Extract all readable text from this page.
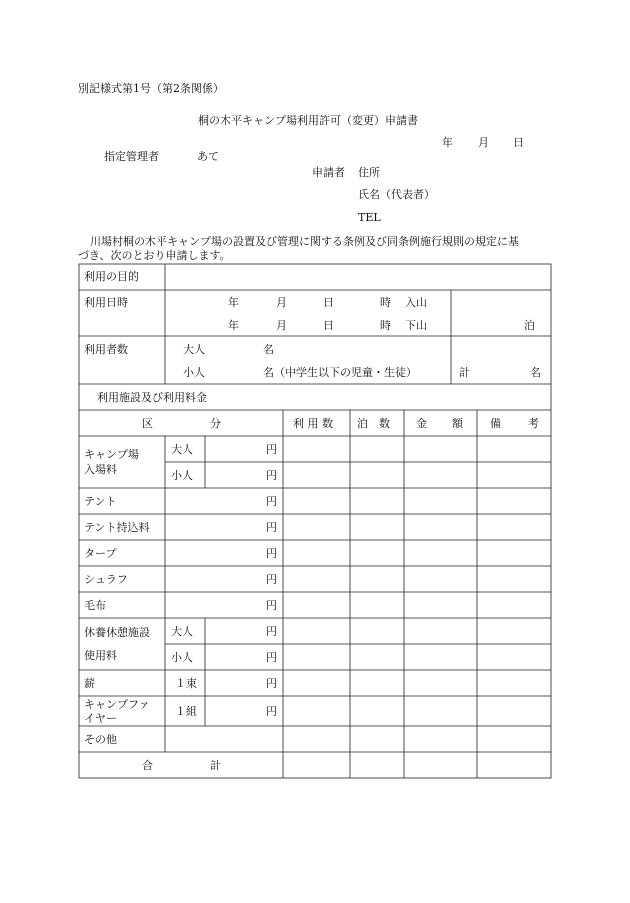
別記様式第1号（第2条関係）
桐の木平キャンプ場利用許可（変更）申請書
年 月 日
指定管理者	あて
申請者 住所
氏名（代表者）
TEL
川場村桐の木平キャンプ場の設置及び管理に関する条例及び同条例施行規則の規定に基
づき、次のとおり申請します。
利用の目的
利用日時	年	月	日	時 入山
年	月	日	時 下山	泊
利用者数	大人	名
小人	名（中学生以下の児童・生徒）	計	名
利用施設及び利用料金
区	分	利 用 数 泊　数 金 額 備 考
キャンプ場
入場料
大人	円
小人	円
テント	円
テント持込料	円
タープ	円
シュラフ	円
毛布	円
休養休憩施設
使用料
大人	円
小人	円
薪	１束	円
キャンプファ
イヤー
１組	円
その他
合	計
